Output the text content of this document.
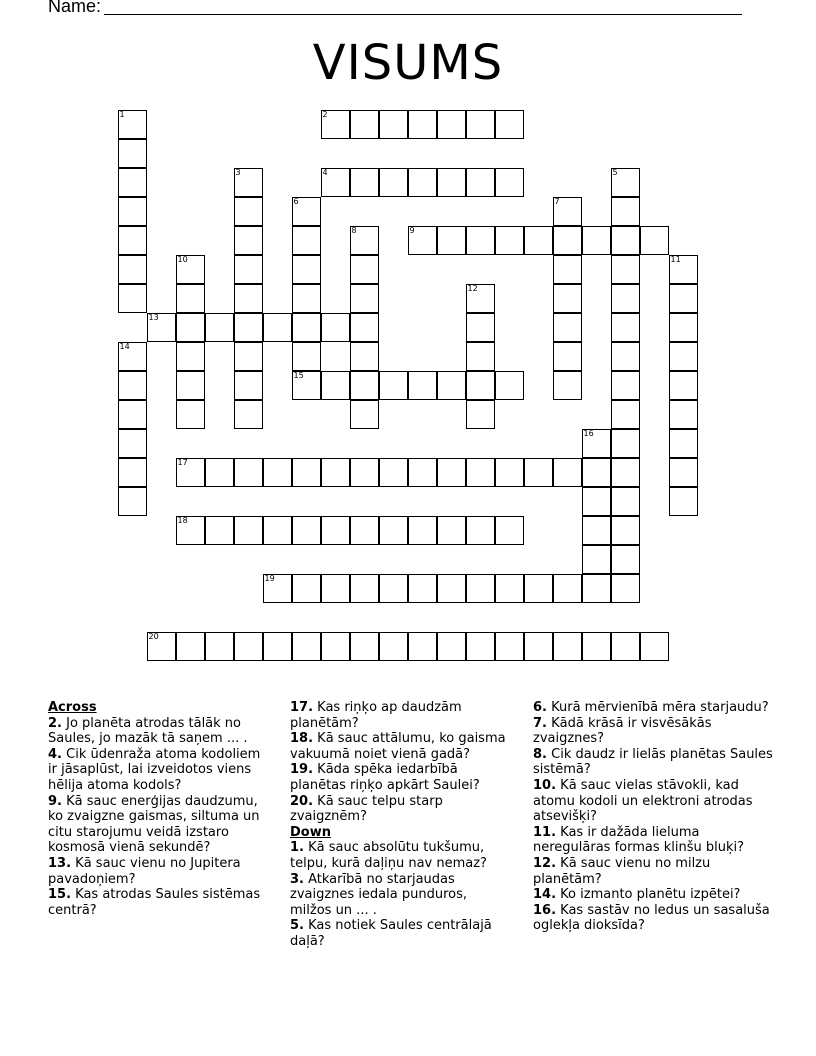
Name:
VISUMS
1	2
3	4	5
6
15
7
8	9
10	11
12
13
14
16
17
18
19
20

Across

2. Jo planēta atrodas tālāk no Saules, jo mazāk tā saņem ... .

4. Cik ūdenraža atoma kodoliem ir jāsaplūst, lai izveidotos viens hēlija atoma kodols?

9. Kā sauc enerģijas daudzumu, ko zvaigzne gaismas, siltuma un citu starojumu veidā izstaro kosmosā vienā sekundē?

13. Kā sauc vienu no Jupitera pavadoņiem?

15. Kas atrodas Saules sistēmas centrā?

17. Kas riņķo ap daudzām planētām?

18. Kā sauc attālumu, ko gaisma vakuumā noiet vienā gadā?

19. Kāda spēka iedarbībā planētas riņķo apkārt Saulei?

20. Kā sauc telpu starp zvaigznēm?

Down

1. Kā sauc absolūtu tukšumu, telpu, kurā daļiņu nav nemaz?

3. Atkarībā no starjaudas zvaigznes iedala punduros, milžos un ... .

5. Kas notiek Saules centrālajā daļā?

6. Kurā mērvienībā mēra starjaudu?

7. Kādā krāsā ir visvēsākās zvaigznes?

8. Cik daudz ir lielās planētas Saules sistēmā?

10. Kā sauc vielas stāvokli, kad atomu kodoli un elektroni atrodas atsevišķi?

11. Kas ir dažāda lieluma neregulāras formas klinšu bluķi?

12. Kā sauc vienu no milzu planētām?

14. Ko izmanto planētu izpētei?

16. Kas sastāv no ledus un sasaluša oglekļa dioksīda?
